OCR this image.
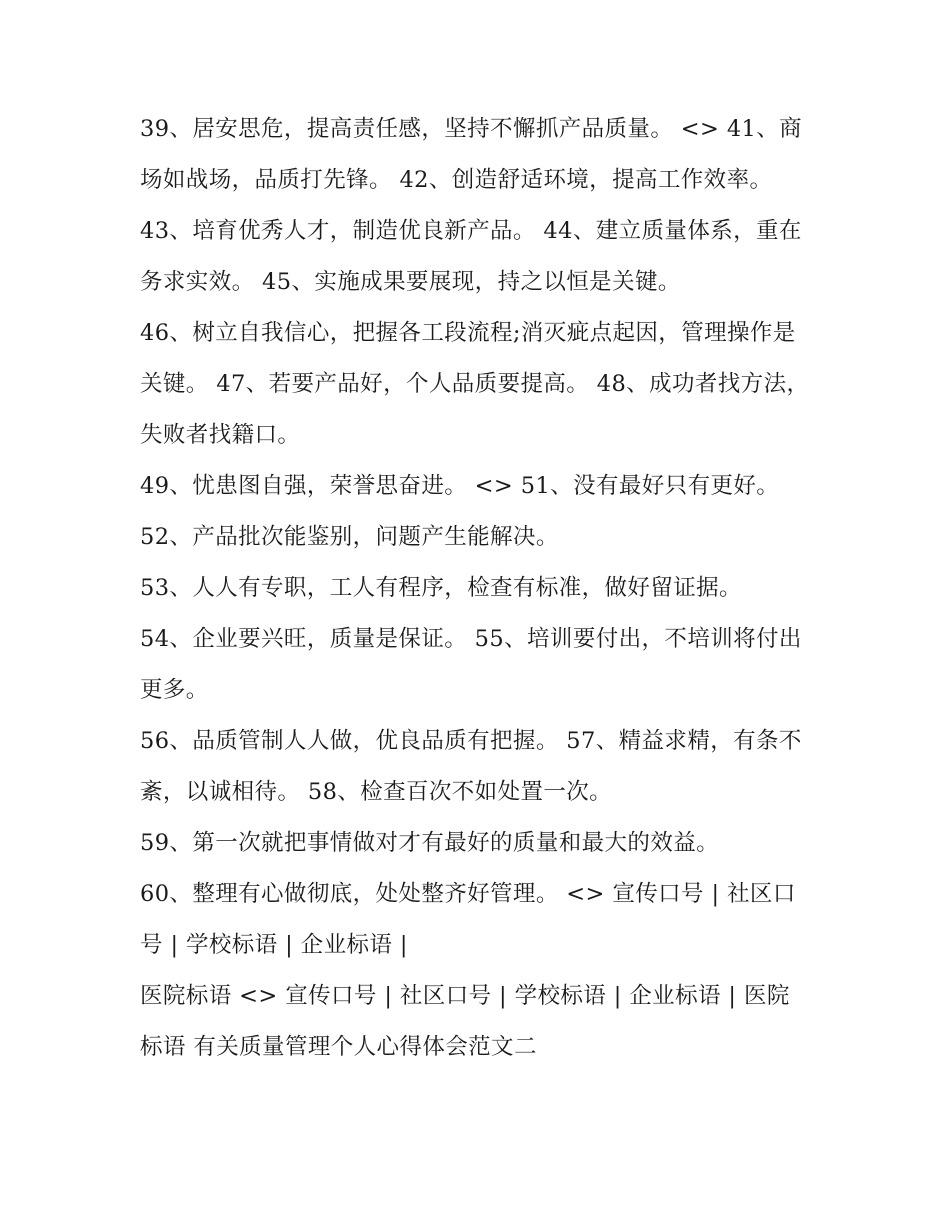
39、居安思危，提高责任感，坚持不懈抓产品质量。 <> 41、商场如战场，品质打先锋。 42、创造舒适环境，提高工作效率。

43、培育优秀人才，制造优良新产品。 44、建立质量体系，重在务求实效。 45、实施成果要展现，持之以恒是关键。

46、树立自我信心，把握各工段流程;消灭疵点起因，管理操作是关键。 47、若要产品好，个人品质要提高。 48、成功者找方法，失败者找籍口。

49、忧患图自强，荣誉思奋进。 <> 51、没有最好只有更好。

52、产品批次能鉴别，问题产生能解决。

53、人人有专职，工人有程序，检查有标准，做好留证据。

54、企业要兴旺，质量是保证。 55、培训要付出，不培训将付出更多。

56、品质管制人人做，优良品质有把握。 57、精益求精，有条不紊，以诚相待。 58、检查百次不如处置一次。

59、第一次就把事情做对才有最好的质量和最大的效益。

60、整理有心做彻底，处处整齐好管理。 <> 宣传口号 | 社区口号 | 学校标语 | 企业标语 |

医院标语 <> 宣传口号 | 社区口号 | 学校标语 | 企业标语 | 医院标语 有关质量管理个人心得体会范文二
